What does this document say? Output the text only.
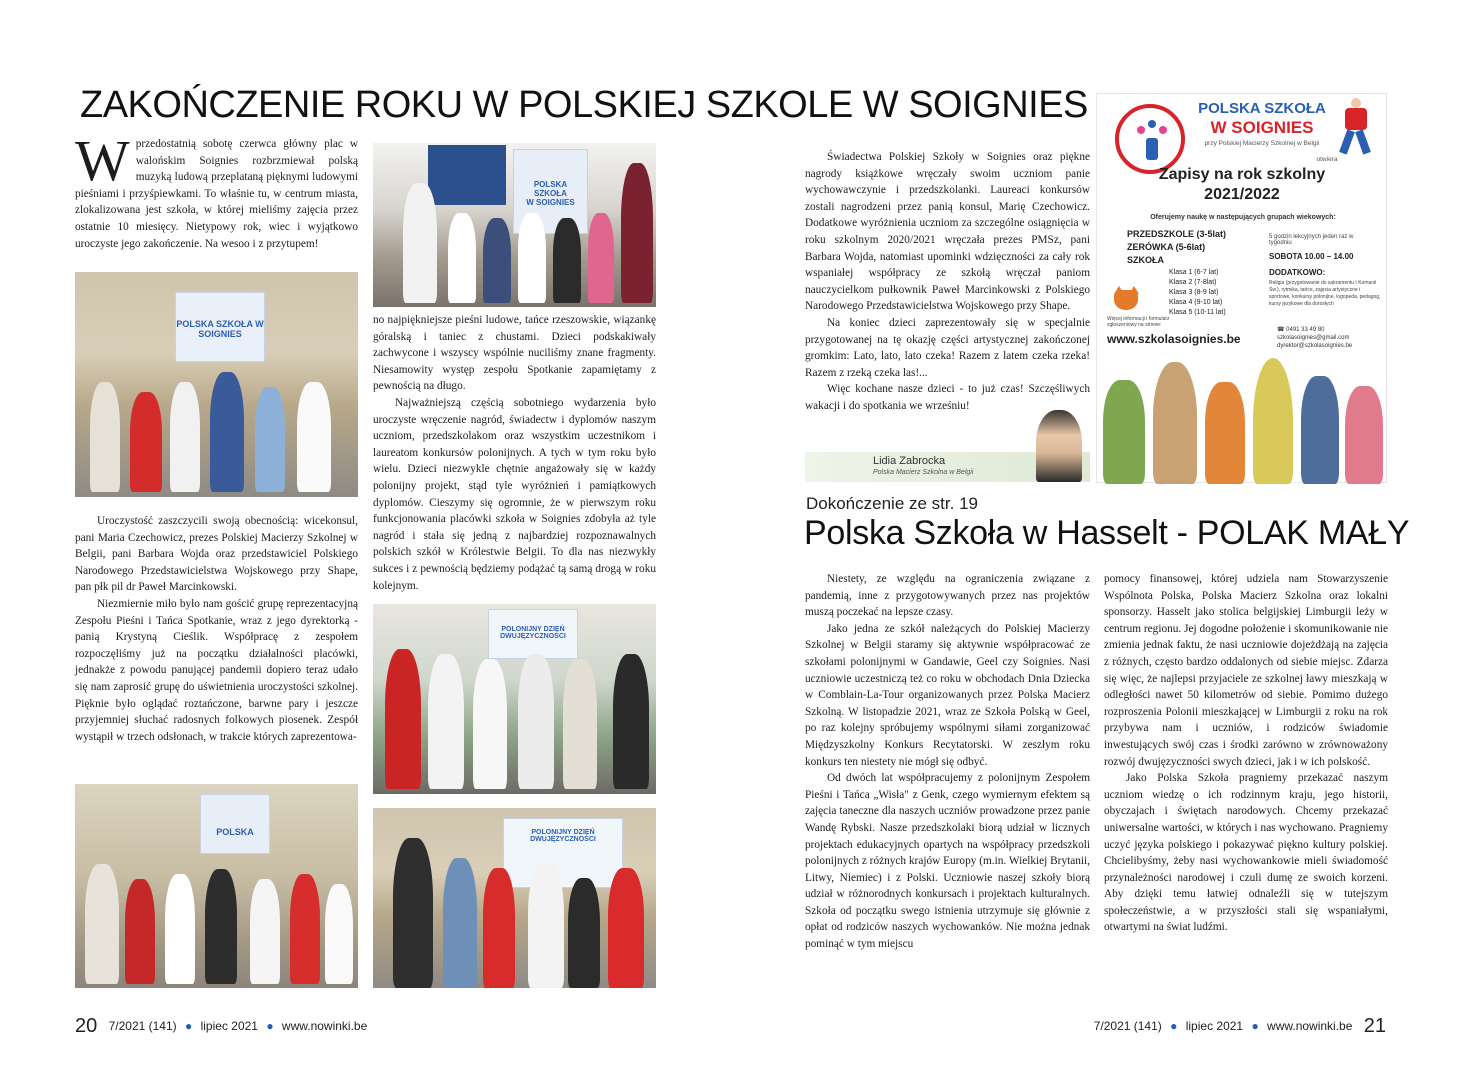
ZAKOŃCZENIE ROKU W POLSKIEJ SZKOLE W SOIGNIES
W przedostatnią sobotę czerwca główny plac w walońskim Soignies rozbrzmiewał polską muzyką ludową przeplataną pięknymi ludowymi pieśniami i przyśpiewkami. To właśnie tu, w centrum miasta, zlokalizowana jest szkoła, w której mieliśmy zajęcia przez ostatnie 10 miesięcy. Nietypowy rok, wiec i wyjątkowo uroczyste jego zakończenie. Na wesoo i z przytupem!
POLSKA SZKOŁA W SOIGNIES

Uroczystość zaszczycili swoją obecnością: wicekonsul, pani Maria Czechowicz, prezes Polskiej Macierzy Szkolnej w Belgii, pani Barbara Wojda oraz przedstawiciel Polskiego Narodowego Przedstawicielstwa Wojskowego przy Shape, pan płk pil dr Paweł Marcinkowski.

Niezmiernie miło było nam gościć grupę reprezentacyjną Zespołu Pieśni i Tańca Spotkanie, wraz z jego dyrektorką - panią Krystyną Cieślik. Współpracę z zespołem rozpoczęliśmy już na początku działalności placówki, jednakże z powodu panującej pandemii dopiero teraz udało się nam zaprosić grupę do uświetnienia uroczystości szkolnej. Pięknie było oglądać roztańczone, barwne pary i jeszcze przyjemniej słuchać radosnych folkowych piosenek. Zespół wystąpił w trzech odsłonach, w trakcie których zaprezentowa-

POLSKA
POLSKA
SZKOŁA
W SOIGNIES

no najpiękniejsze pieśni ludowe, tańce rzeszowskie, wiązankę góralską i taniec z chustami. Dzieci podskakiwały zachwycone i wszyscy wspólnie nuciliśmy znane fragmenty. Niesamowity występ zespołu Spotkanie zapamiętamy z pewnością na długo.

Najważniejszą częścią sobotniego wydarzenia było uroczyste wręczenie nagród, świadectw i dyplomów naszym uczniom, przedszkolakom oraz wszystkim uczestnikom i laureatom konkursów polonijnych. A tych w tym roku było wielu. Dzieci niezwykle chętnie angażowały się w każdy polonijny projekt, stąd tyle wyróżnień i pamiątkowych dyplomów. Cieszymy się ogromnie, że w pierwszym roku funkcjonowania placówki szkoła w Soignies zdobyła aż tyle nagród i stała się jedną z najbardziej rozpoznawalnych polskich szkół w Królestwie Belgii. To dla nas niezwykły sukces i z pewnością będziemy podążać tą samą drogą w roku kolejnym.

POLONIJNY DZIEŃ DWUJĘZYCZNOŚCI
POLONIJNY DZIEŃ DWUJĘZYCZNOŚCI
20 7/2021 (141) ● lipiec 2021 ● www.nowinki.be

Świadectwa Polskiej Szkoły w Soignies oraz piękne nagrody książkowe wręczały swoim uczniom panie wychowawczynie i przedszkolanki. Laureaci konkursów zostali nagrodzeni przez panią konsul, Marię Czechowicz. Dodatkowe wyróżnienia uczniom za szczególne osiągnięcia w roku szkolnym 2020/2021 wręczała prezes PMSz, pani Barbara Wojda, natomiast upominki wdzięczności za cały rok wspaniałej współpracy ze szkołą wręczał paniom nauczycielkom pułkownik Paweł Marcinkowski z Polskiego Narodowego Przedstawicielstwa Wojskowego przy Shape.

Na koniec dzieci zaprezentowały się w specjalnie przygotowanej na tę okazję części artystycznej zakończonej gromkim: Lato, lato, lato czeka! Razem z latem czeka rzeka! Razem z rzeką czeka las!...

Więc kochane nasze dzieci - to już czas! Szczęśliwych wakacji i do spotkania we wrześniu!

Lidia Zabrocka
Polska Macierz Szkolna w Belgii
POLSKA SZKOŁA
W SOIGNIES
przy Polskiej Macierzy Szkolnej w Belgii
otwiera
Zapisy na rok szkolny
2021/2022
Oferujemy naukę w następujących grupach wiekowych:
PRZEDSZKOLE (3-5lat)
ZERÓWKA (5-6lat)
SZKOŁA
Klasa 1 (6-7 lat)
Klasa 2 (7-8lat)
Klasa 3 (8-9 lat)
Klasa 4 (9-10 lat)
Klasa 5 (10-11 lat)
5 godzin lekcyjnych jeden raz w tygodniu
SOBOTA 10.00 – 14.00
DODATKOWO:
Religia (przygotowanie do sakramentu I Komunii Św.), rytmika, tańce, zajęcia artystyczne i sportowe, konkursy polonijne, logopeda, pedagog, kursy językowe dla dorosłych
Więcej informacji i formularz zgłoszeniowy na stronie:
www.szkolasoignies.be
☎ 0491 33 49 80
szkolasoignies@gmail.com
dyrektor@szkolasoignies.be
Dokończenie ze str. 19
Polska Szkoła w Hasselt - POLAK MAŁY

Niestety, ze względu na ograniczenia związane z pandemią, inne z przygotowywanych przez nas projektów muszą poczekać na lepsze czasy.

Jako jedna ze szkół należących do Polskiej Macierzy Szkolnej w Belgii staramy się aktywnie współpracować ze szkołami polonijnymi w Gandawie, Geel czy Soignies. Nasi uczniowie uczestniczą też co roku w obchodach Dnia Dziecka w Comblain-La-Tour organizowanych przez Polska Macierz Szkolną. W listopadzie 2021, wraz ze Szkoła Polską w Geel, po raz kolejny spróbujemy wspólnymi siłami zorganizować Międzyszkolny Konkurs Recytatorski. W zeszłym roku konkurs ten niestety nie mógł się odbyć.

Od dwóch lat współpracujemy z polonijnym Zespołem Pieśni i Tańca „Wisła" z Genk, czego wymiernym efektem są zajęcia taneczne dla naszych uczniów prowadzone przez panie Wandę Rybski. Nasze przedszkolaki biorą udział w licznych projektach edukacyjnych opartych na współpracy przedszkoli polonijnych z różnych krajów Europy (m.in. Wielkiej Brytanii, Litwy, Niemiec) i z Polski. Uczniowie naszej szkoły biorą udział w różnorodnych konkursach i projektach kulturalnych. Szkoła od początku swego istnienia utrzymuje się głównie z opłat od rodziców naszych wychowanków. Nie można jednak pominąć w tym miejscu

pomocy finansowej, której udziela nam Stowarzyszenie Wspólnota Polska, Polska Macierz Szkolna oraz lokalni sponsorzy. Hasselt jako stolica belgijskiej Limburgii leży w centrum regionu. Jej dogodne położenie i skomunikowanie nie zmienia jednak faktu, że nasi uczniowie dojeżdżają na zajęcia z różnych, często bardzo oddalonych od siebie miejsc. Zdarza się więc, że najlepsi przyjaciele ze szkolnej ławy mieszkają w odległości nawet 50 kilometrów od siebie. Pomimo dużego rozproszenia Polonii mieszkającej w Limburgii z roku na rok przybywa nam i uczniów, i rodziców świadomie inwestujących swój czas i środki zarówno w zrównoważony rozwój dwujęzyczności swych dzieci, jak i w ich polskość.

Jako Polska Szkoła pragniemy przekazać naszym uczniom wiedzę o ich rodzinnym kraju, jego historii, obyczajach i świętach narodowych. Chcemy przekazać uniwersalne wartości, w których i nas wychowano. Pragniemy uczyć języka polskiego i pokazywać piękno kultury polskiej. Chcielibyśmy, żeby nasi wychowankowie mieli świadomość przynależności narodowej i czuli dumę ze swoich korzeni. Aby dzięki temu łatwiej odnaleźli się w tutejszym społeczeństwie, a w przyszłości stali się wspaniałymi, otwartymi na świat ludźmi.

7/2021 (141) ● lipiec 2021 ● www.nowinki.be 21
